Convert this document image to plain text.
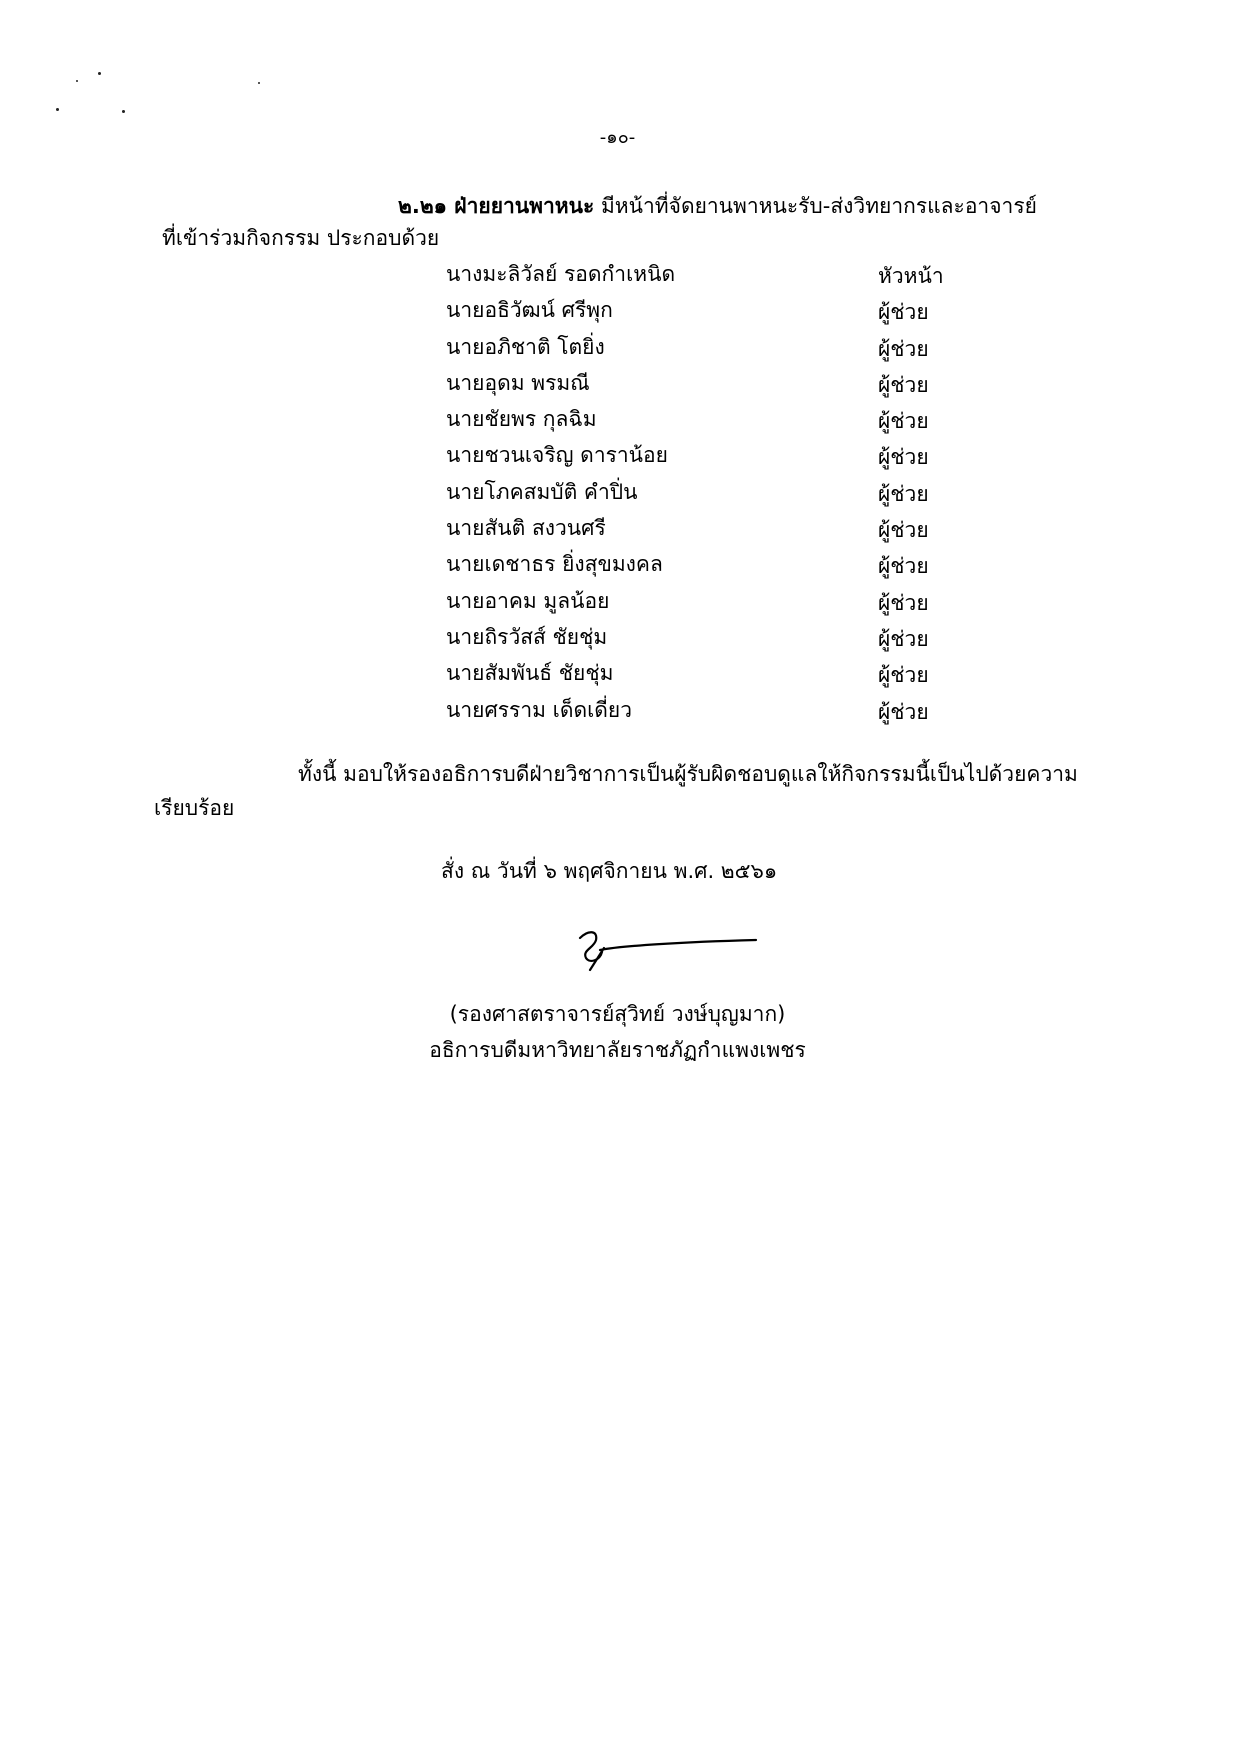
-๑๐-
๒.๒๑ ฝ่ายยานพาหนะ มีหน้าที่จัดยานพาหนะรับ-ส่งวิทยากรและอาจารย์
ที่เข้าร่วมกิจกรรม ประกอบด้วย
นางมะลิวัลย์ รอดกำเหนิด	หัวหน้า
นายอธิวัฒน์ ศรีพุก	ผู้ช่วย
นายอภิชาติ โตยิ่ง	ผู้ช่วย
นายอุดม พรมณี	ผู้ช่วย
นายชัยพร กุลฉิม	ผู้ช่วย
นายชวนเจริญ ดาราน้อย	ผู้ช่วย
นายโภคสมบัติ คำปิ่น	ผู้ช่วย
นายสันติ สงวนศรี	ผู้ช่วย
นายเดชาธร ยิ่งสุขมงคล	ผู้ช่วย
นายอาคม มูลน้อย	ผู้ช่วย
นายถิรวัสส์ ชัยชุ่ม	ผู้ช่วย
นายสัมพันธ์ ชัยชุ่ม	ผู้ช่วย
นายศรราม เด็ดเดี่ยว	ผู้ช่วย
ทั้งนี้ มอบให้รองอธิการบดีฝ่ายวิชาการเป็นผู้รับผิดชอบดูแลให้กิจกรรมนี้เป็นไปด้วยความ
เรียบร้อย
สั่ง ณ วันที่ ๖ พฤศจิกายน พ.ศ. ๒๕๖๑
(รองศาสตราจารย์สุวิทย์ วงษ์บุญมาก)
อธิการบดีมหาวิทยาลัยราชภัฏกำแพงเพชร
